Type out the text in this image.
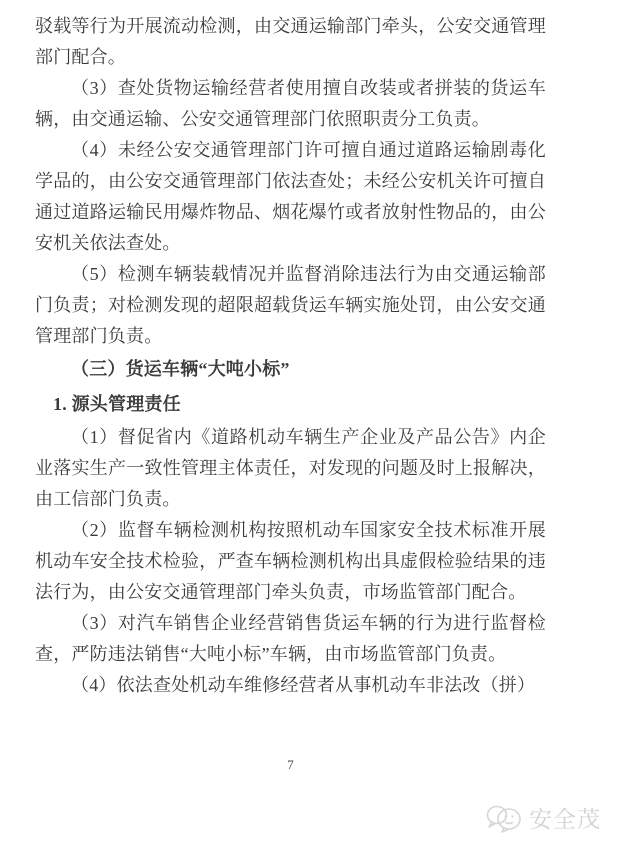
驳载等行为开展流动检测，由交通运输部门牵头，公安交通管理部门配合。

（3）查处货物运输经营者使用擅自改装或者拼装的货运车辆，由交通运输、公安交通管理部门依照职责分工负责。

（4）未经公安交通管理部门许可擅自通过道路运输剧毒化学品的，由公安交通管理部门依法查处；未经公安机关许可擅自通过道路运输民用爆炸物品、烟花爆竹或者放射性物品的，由公安机关依法查处。

（5）检测车辆装载情况并监督消除违法行为由交通运输部门负责；对检测发现的超限超载货运车辆实施处罚，由公安交通管理部门负责。

（三）货运车辆“大吨小标”

1. 源头管理责任

（1）督促省内《道路机动车辆生产企业及产品公告》内企业落实生产一致性管理主体责任，对发现的问题及时上报解决，由工信部门负责。

（2）监督车辆检测机构按照机动车国家安全技术标准开展机动车安全技术检验，严查车辆检测机构出具虚假检验结果的违法行为，由公安交通管理部门牵头负责，市场监管部门配合。

（3）对汽车销售企业经营销售货运车辆的行为进行监督检查，严防违法销售“大吨小标”车辆，由市场监管部门负责。

（4）依法查处机动车维修经营者从事机动车非法改（拼）

7
安全茂
